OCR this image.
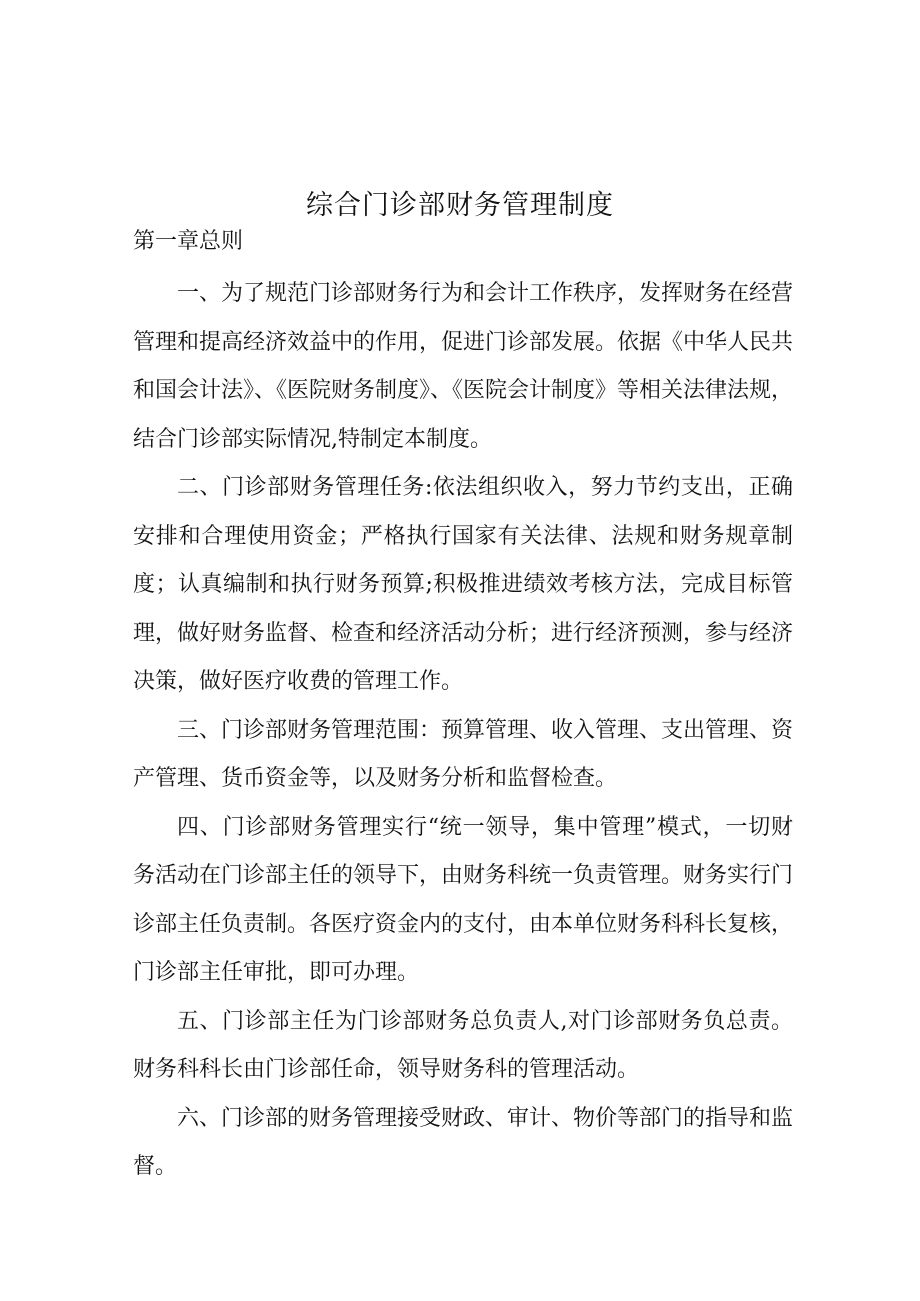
综合门诊部财务管理制度
第一章总则

一、为了规范门诊部财务行为和会计工作秩序，发挥财务在经营管理和提高经济效益中的作用，促进门诊部发展。依据《中华人民共和国会计法》、《医院财务制度》、《医院会计制度》等相关法律法规，结合门诊部实际情况,特制定本制度。

二、门诊部财务管理任务:依法组织收入，努力节约支出，正确安排和合理使用资金；严格执行国家有关法律、法规和财务规章制度；认真编制和执行财务预算;积极推进绩效考核方法，完成目标管理，做好财务监督、检查和经济活动分析；进行经济预测，参与经济决策，做好医疗收费的管理工作。

三、门诊部财务管理范围：预算管理、收入管理、支出管理、资产管理、货币资金等，以及财务分析和监督检查。

四、门诊部财务管理实行“统一领导，集中管理”模式，一切财务活动在门诊部主任的领导下，由财务科统一负责管理。财务实行门诊部主任负责制。各医疗资金内的支付，由本单位财务科科长复核，门诊部主任审批，即可办理。

五、门诊部主任为门诊部财务总负责人,对门诊部财务负总责。财务科科长由门诊部任命，领导财务科的管理活动。

六、门诊部的财务管理接受财政、审计、物价等部门的指导和监督。
